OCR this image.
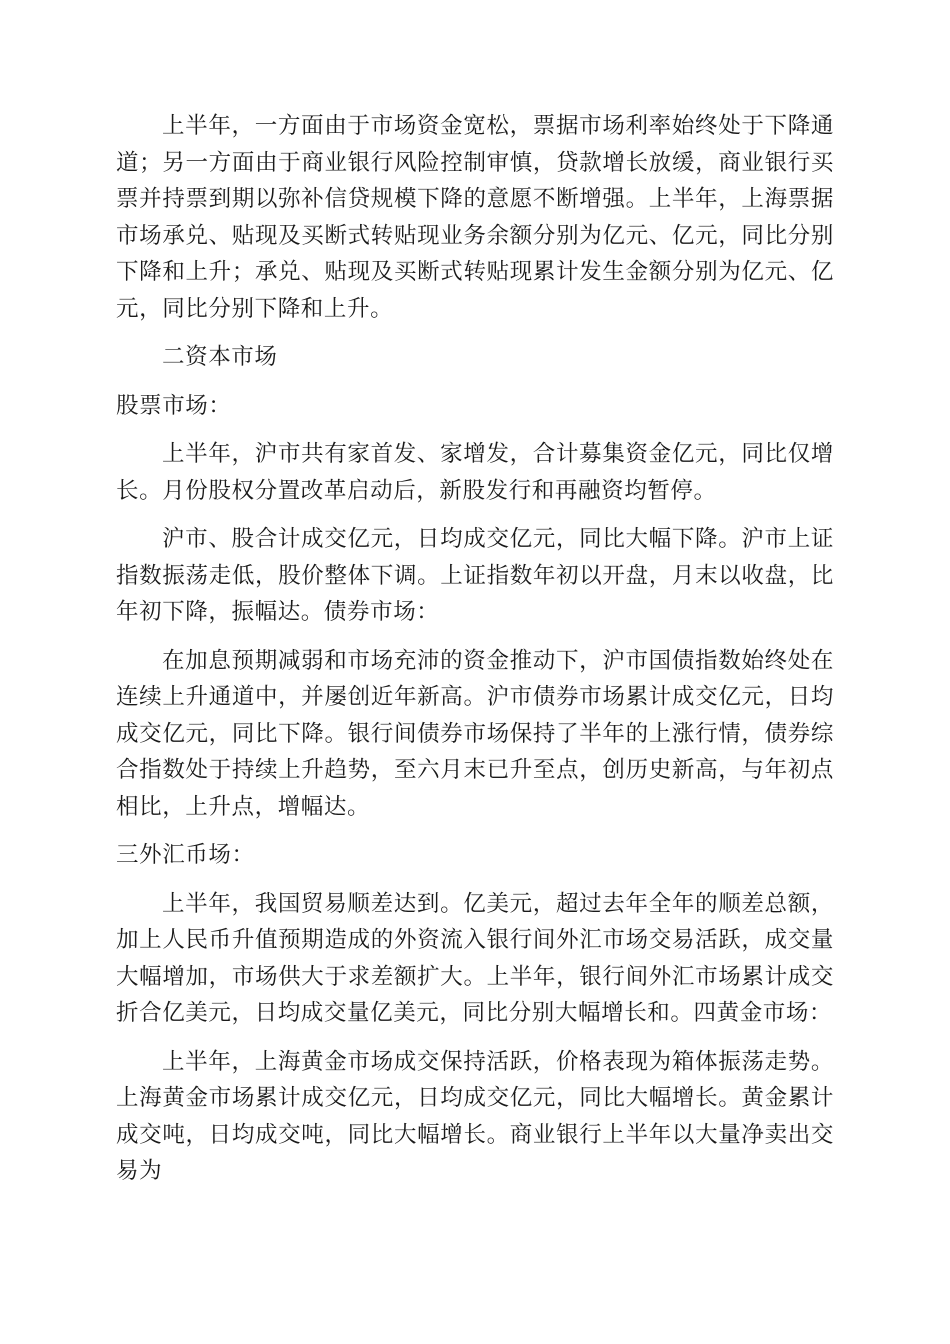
上半年，一方面由于市场资金宽松，票据市场利率始终处于下降通道；另一方面由于商业银行风险控制审慎，贷款增长放缓，商业银行买票并持票到期以弥补信贷规模下降的意愿不断增强。上半年，上海票据市场承兑、贴现及买断式转贴现业务余额分别为亿元、亿元，同比分别下降和上升；承兑、贴现及买断式转贴现累计发生金额分别为亿元、亿元，同比分别下降和上升。

二资本市场

股票市场：

上半年，沪市共有家首发、家增发，合计募集资金亿元，同比仅增长。月份股权分置改革启动后，新股发行和再融资均暂停。

沪市、股合计成交亿元，日均成交亿元，同比大幅下降。沪市上证指数振荡走低，股价整体下调。上证指数年初以开盘，月末以收盘，比年初下降，振幅达。债券市场：

在加息预期减弱和市场充沛的资金推动下，沪市国债指数始终处在连续上升通道中，并屡创近年新高。沪市债券市场累计成交亿元，日均成交亿元，同比下降。银行间债券市场保持了半年的上涨行情，债券综合指数处于持续上升趋势，至六月末已升至点，创历史新高，与年初点相比，上升点，增幅达。

三外汇币场：

上半年，我国贸易顺差达到。亿美元，超过去年全年的顺差总额，加上人民币升值预期造成的外资流入银行间外汇市场交易活跃，成交量大幅增加，市场供大于求差额扩大。上半年，银行间外汇市场累计成交折合亿美元，日均成交量亿美元，同比分别大幅增长和。四黄金市场：

上半年，上海黄金市场成交保持活跃，价格表现为箱体振荡走势。上海黄金市场累计成交亿元，日均成交亿元，同比大幅增长。黄金累计成交吨，日均成交吨，同比大幅增长。商业银行上半年以大量净卖出交易为
